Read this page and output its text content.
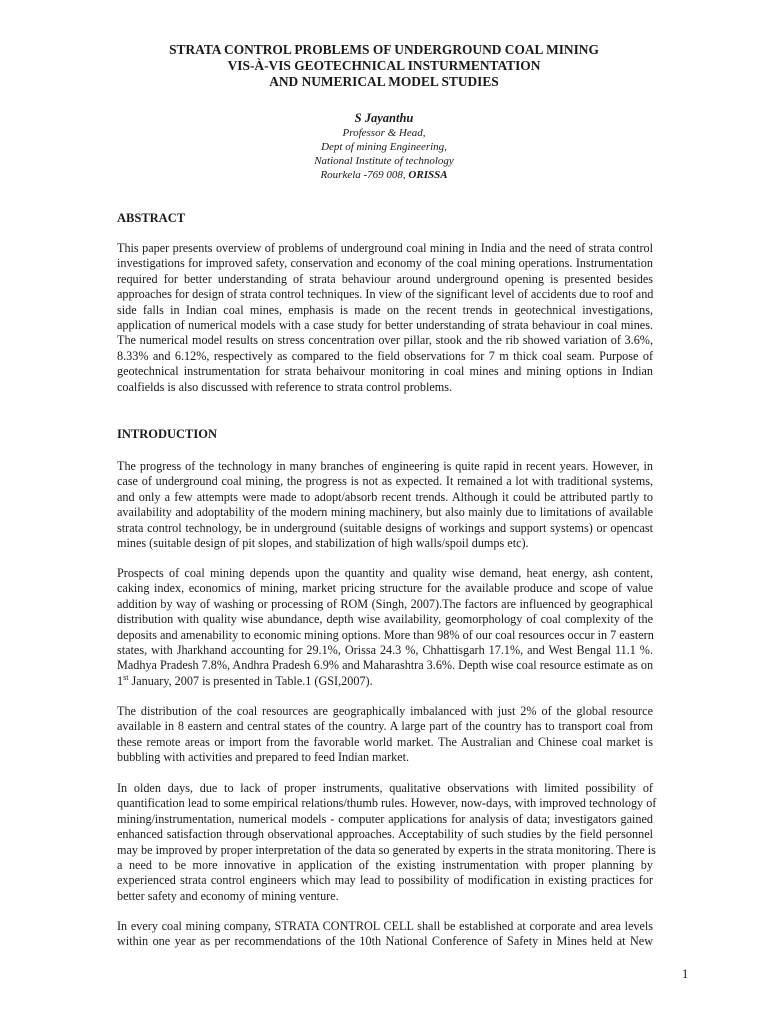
STRATA CONTROL PROBLEMS OF UNDERGROUND COAL MINING
VIS-À-VIS GEOTECHNICAL INSTURMENTATION
AND NUMERICAL MODEL STUDIES
S Jayanthu
Professor & Head,
Dept of mining Engineering,
National Institute of technology
Rourkela -769 008, ORISSA
ABSTRACT
This paper presents overview of problems of underground coal mining in India and the need of strata control
investigations for improved safety, conservation and economy of the coal mining operations. Instrumentation
required for better understanding of strata behaviour around underground opening is presented besides
approaches for design of strata control techniques. In view of the significant level of accidents due to roof and
side falls in Indian coal mines, emphasis is made on the recent trends in geotechnical investigations,
application of numerical models with a case study for better understanding of strata behaviour in coal mines.
The numerical model results on stress concentration over pillar, stook and the rib showed variation of 3.6%,
8.33% and 6.12%, respectively as compared to the field observations for 7 m thick coal seam. Purpose of
geotechnical instrumentation for strata behaivour monitoring in coal mines and mining options in Indian
coalfields is also discussed with reference to strata control problems.
INTRODUCTION
The progress of the technology in many branches of engineering is quite rapid in recent years. However, in
case of underground coal mining, the progress is not as expected. It remained a lot with traditional systems,
and only a few attempts were made to adopt/absorb recent trends. Although it could be attributed partly to
availability and adoptability of the modern mining machinery, but also mainly due to limitations of available
strata control technology, be in underground (suitable designs of workings and support systems) or opencast
mines (suitable design of pit slopes, and stabilization of high walls/spoil dumps etc).
Prospects of coal mining depends upon the quantity and quality wise demand, heat energy, ash content,
caking index, economics of mining, market pricing structure for the available produce and scope of value
addition by way of washing or processing of ROM (Singh, 2007).The factors are influenced by geographical
distribution with quality wise abundance, depth wise availability, geomorphology of coal complexity of the
deposits and amenability to economic mining options. More than 98% of our coal resources occur in 7 eastern
states, with Jharkhand accounting for 29.1%, Orissa 24.3 %, Chhattisgarh 17.1%, and West Bengal 11.1 %.
Madhya Pradesh 7.8%, Andhra Pradesh 6.9% and Maharashtra 3.6%. Depth wise coal resource estimate as on
1st January, 2007 is presented in Table.1 (GSI,2007).
The distribution of the coal resources are geographically imbalanced with just 2% of the global resource
available in 8 eastern and central states of the country. A large part of the country has to transport coal from
these remote areas or import from the favorable world market. The Australian and Chinese coal market is
bubbling with activities and prepared to feed Indian market.
In olden days, due to lack of proper instruments, qualitative observations with limited possibility of
quantification lead to some empirical relations/thumb rules. However, now-days, with improved technology of
mining/instrumentation, numerical models - computer applications for analysis of data; investigators gained
enhanced satisfaction through observational approaches. Acceptability of such studies by the field personnel
may be improved by proper interpretation of the data so generated by experts in the strata monitoring. There is
a need to be more innovative in application of the existing instrumentation with proper planning by
experienced strata control engineers which may lead to possibility of modification in existing practices for
better safety and economy of mining venture.
In every coal mining company, STRATA CONTROL CELL shall be established at corporate and area levels
within one year as per recommendations of the 10th National Conference of Safety in Mines held at New
1
